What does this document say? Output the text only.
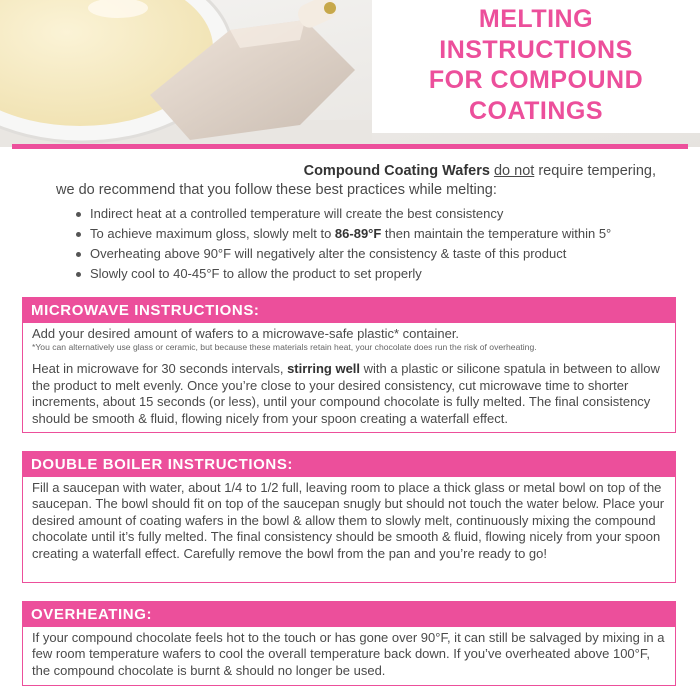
MELTING
INSTRUCTIONS
FOR COMPOUND
COATINGS
Compound Coating Wafers do not require tempering,
we do recommend that you follow these best practices while melting:
Indirect heat at a controlled temperature will create the best consistency
To achieve maximum gloss, slowly melt to 86-89°F then maintain the temperature within 5°
Overheating above 90°F will negatively alter the consistency & taste of this product
Slowly cool to 40-45°F to allow the product to set properly
MICROWAVE INSTRUCTIONS:

Add your desired amount of wafers to a microwave-safe plastic* container.

*You can alternatively use glass or ceramic, but because these materials retain heat, your chocolate does run the risk of overheating.

Heat in microwave for 30 seconds intervals, stirring well with a plastic or silicone spatula in between to allow the product to melt evenly. Once you’re close to your desired consistency, cut microwave time to shorter increments, about 15 seconds (or less), until your compound chocolate is fully melted. The final consistency should be smooth & fluid, flowing nicely from your spoon creating a waterfall effect.

DOUBLE BOILER INSTRUCTIONS:

Fill a saucepan with water, about 1/4 to 1/2 full, leaving room to place a thick glass or metal bowl on top of the saucepan. The bowl should fit on top of the saucepan snugly but should not touch the water below. Place your desired amount of coating wafers in the bowl & allow them to slowly melt, continuously mixing the compound chocolate until it’s fully melted. The final consistency should be smooth & fluid, flowing nicely from your spoon creating a waterfall effect. Carefully remove the bowl from the pan and you’re ready to go!

OVERHEATING:

If your compound chocolate feels hot to the touch or has gone over 90°F, it can still be salvaged by mixing in a few room temperature wafers to cool the overall temperature back down. If you’ve overheated above 100°F, the compound chocolate is burnt & should no longer be used.
